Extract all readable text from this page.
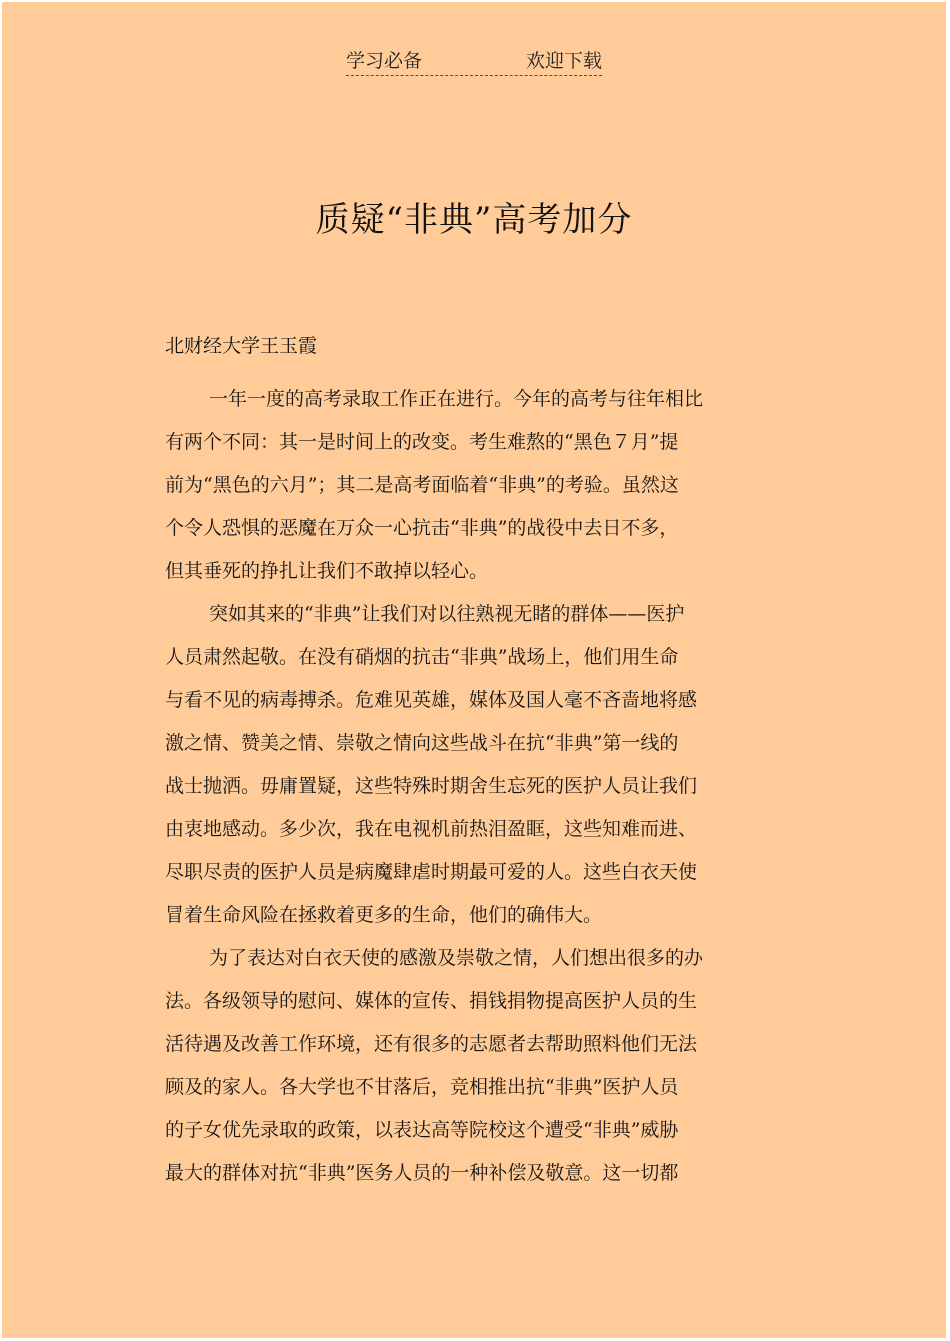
学习必备	欢迎下载
质疑“非典”高考加分
北财经大学王玉霞
一年一度的高考录取工作正在进行。今年的高考与往年相比
有两个不同：其一是时间上的改变。考生难熬的“黑色７月”提
前为“黑色的六月”；其二是高考面临着“非典”的考验。虽然这
个令人恐惧的恶魔在万众一心抗击“非典”的战役中去日不多，
但其垂死的挣扎让我们不敢掉以轻心。
突如其来的“非典”让我们对以往熟视无睹的群体——医护
人员肃然起敬。在没有硝烟的抗击“非典”战场上，他们用生命
与看不见的病毒搏杀。危难见英雄，媒体及国人毫不吝啬地将感
激之情、赞美之情、崇敬之情向这些战斗在抗“非典”第一线的
战士抛洒。毋庸置疑，这些特殊时期舍生忘死的医护人员让我们
由衷地感动。多少次，我在电视机前热泪盈眶，这些知难而进、
尽职尽责的医护人员是病魔肆虐时期最可爱的人。这些白衣天使
冒着生命风险在拯救着更多的生命，他们的确伟大。
为了表达对白衣天使的感激及崇敬之情，人们想出很多的办
法。各级领导的慰问、媒体的宣传、捐钱捐物提高医护人员的生
活待遇及改善工作环境，还有很多的志愿者去帮助照料他们无法
顾及的家人。各大学也不甘落后，竞相推出抗“非典”医护人员
的子女优先录取的政策，以表达高等院校这个遭受“非典”威胁
最大的群体对抗“非典”医务人员的一种补偿及敬意。这一切都
